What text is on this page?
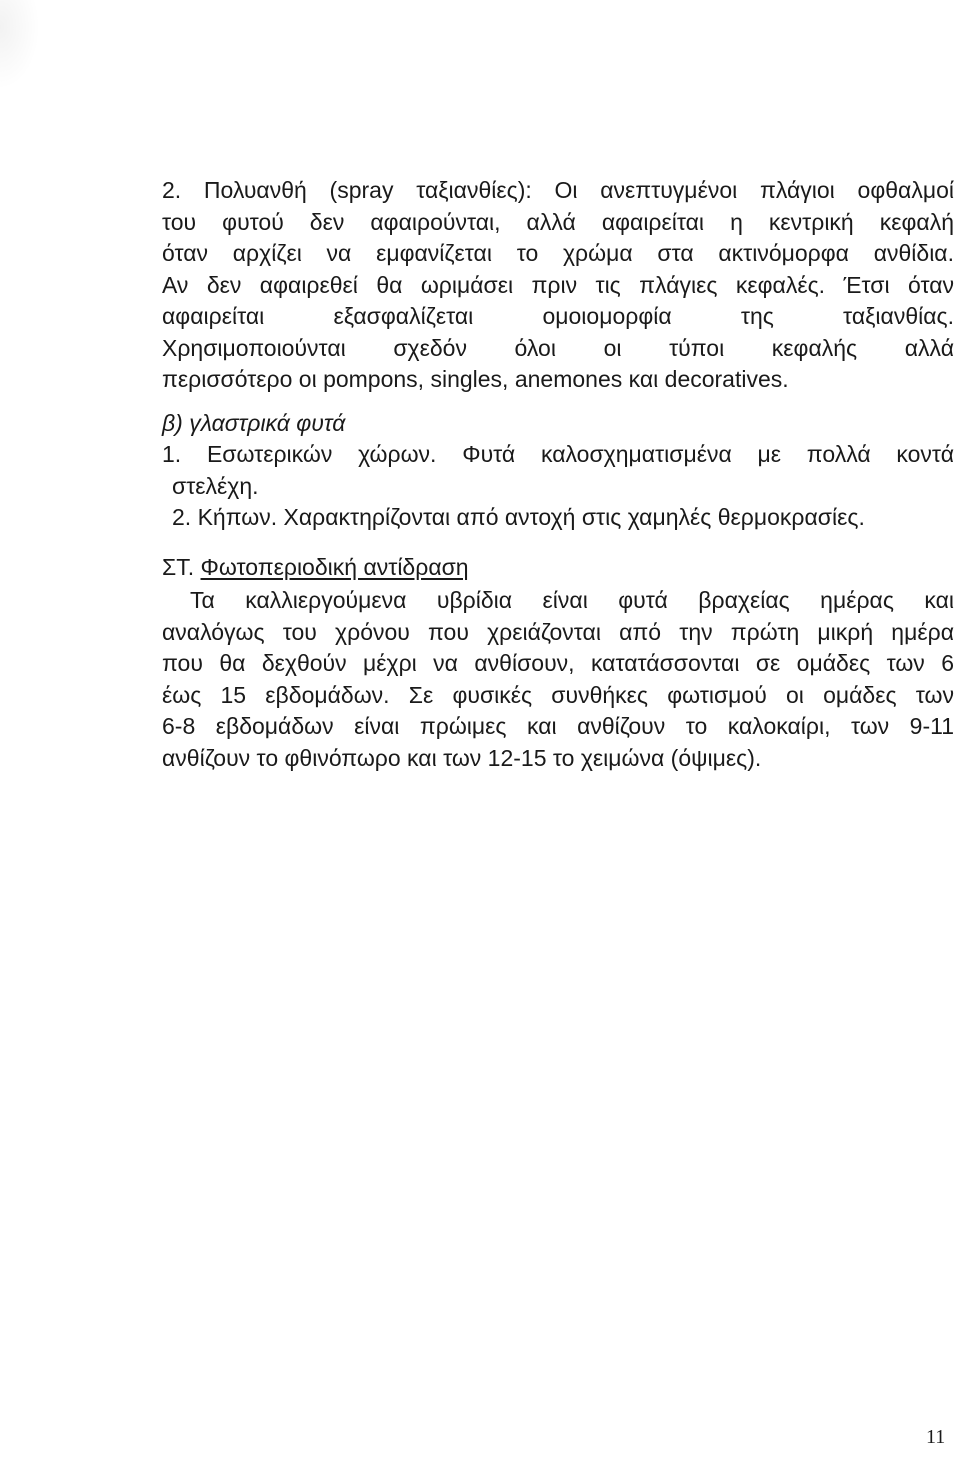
2. Πολυανθή (spray ταξιανθίες): Οι ανεπτυγμένοι πλάγιοι οφθαλμοί
του φυτού δεν αφαιρούνται, αλλά αφαιρείται η κεντρική κεφαλή
όταν αρχίζει να εμφανίζεται το χρώμα στα ακτινόμορφα ανθίδια.
Αν δεν αφαιρεθεί θα ωριμάσει πριν τις πλάγιες κεφαλές. Έτσι όταν
αφαιρείται εξασφαλίζεται ομοιομορφία της ταξιανθίας.
Χρησιμοποιούνται σχεδόν όλοι οι τύποι κεφαλής αλλά
περισσότερο οι pompons, singles, anemones και decoratives.
β) γλαστρικά φυτά
1. Εσωτερικών χώρων. Φυτά καλοσχηματισμένα με πολλά κοντά
στελέχη.
2. Κήπων. Χαρακτηρίζονται από αντοχή στις χαμηλές θερμοκρασίες.
ΣΤ. Φωτοπεριοδική αντίδραση
Τα καλλιεργούμενα υβρίδια είναι φυτά βραχείας ημέρας και
αναλόγως του χρόνου που χρειάζονται από την πρώτη μικρή ημέρα
που θα δεχθούν μέχρι να ανθίσουν, κατατάσσονται σε ομάδες των 6
έως 15 εβδομάδων. Σε φυσικές συνθήκες φωτισμού οι ομάδες των
6-8 εβδομάδων είναι πρώιμες και ανθίζουν το καλοκαίρι, των 9-11
ανθίζουν το φθινόπωρο και των 12-15 το χειμώνα (όψιμες).
11
